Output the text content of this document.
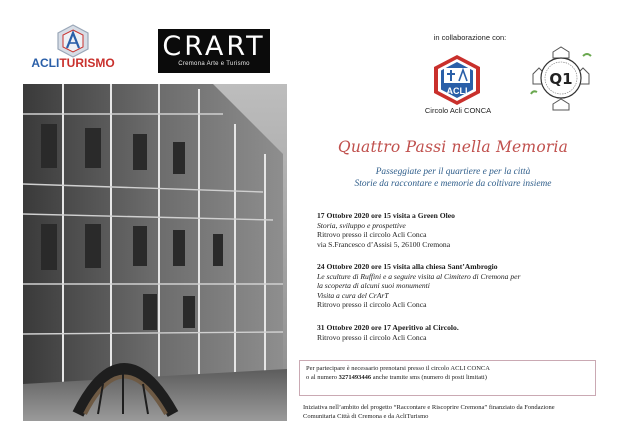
ACLITURISMO
CRART
Cremona Arte e Turismo
in collaborazione con:
ACLI
Circolo Acli CONCA
Q1
Quattro Passi nella Memoria
Passeggiate per il quartiere e per la città
Storie da raccontare e memorie da coltivare insieme
17 Ottobre 2020 ore 15 visita a Green Oleo
Storia, sviluppo e prospettive
Ritrovo presso il circolo Acli Conca
via S.Francesco d’Assisi 5, 26100 Cremona
24 Ottobre 2020 ore 15 visita alla chiesa Sant’Ambrogio
Le sculture di Ruffini e a seguire visita al Cimitero di Cremona per
la scoperta di alcuni suoi monumenti
Visita a cura del CrArT
Ritrovo presso il circolo Acli Conca
31 Ottobre 2020 ore 17 Aperitivo al Circolo.
Ritrovo presso il circolo Acli Conca
Per partecipare è necessario prenotarsi presso il circolo ACLI CONCA
o al numero 3271493446 anche tramite sms (numero di posti limitati)
Iniziativa nell’ambito del progetto “Raccontare e Riscoprire Cremona” finanziato da Fondazione
Comunitaria Città di Cremona e da AcliTurismo
